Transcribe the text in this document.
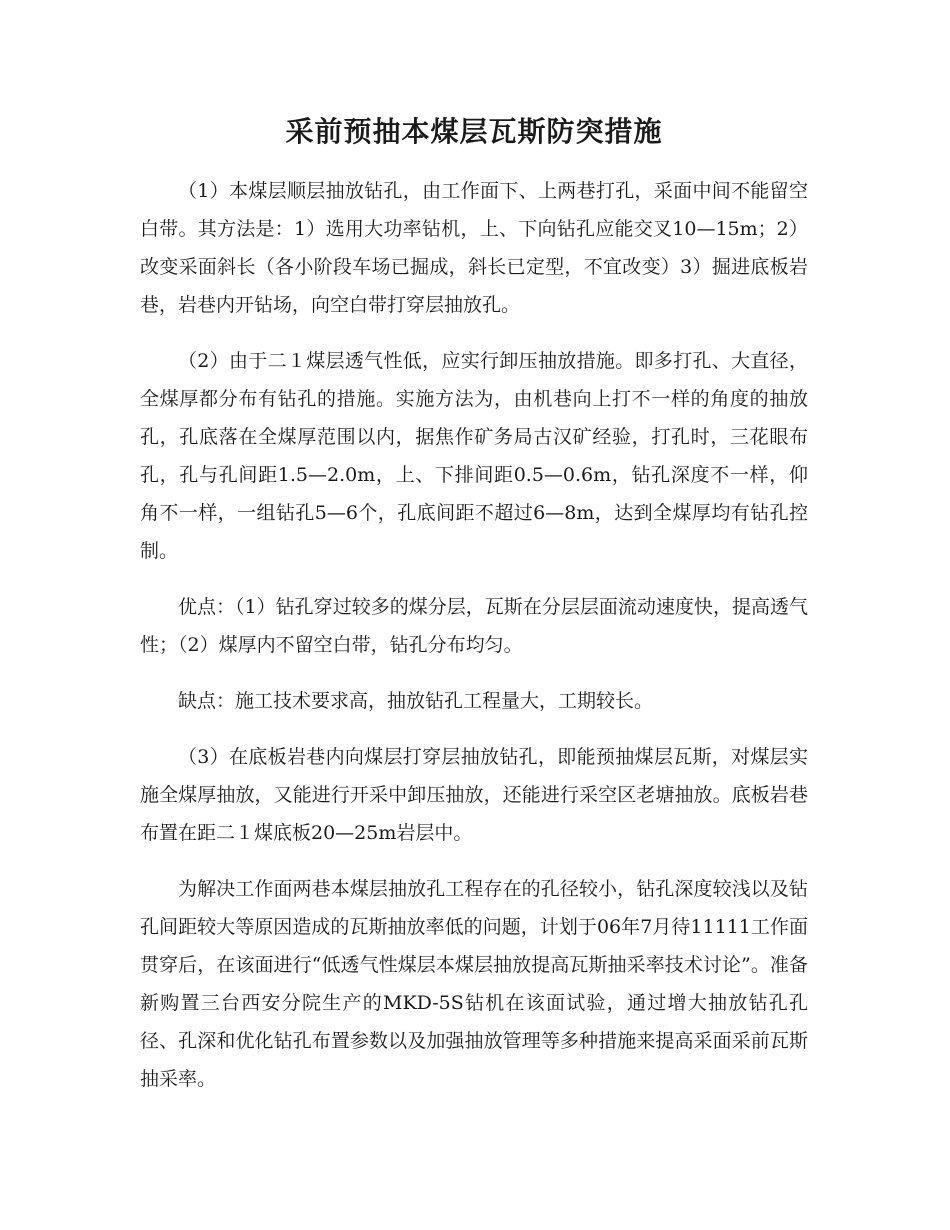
采前预抽本煤层瓦斯防突措施

（1）本煤层顺层抽放钻孔，由工作面下、上两巷打孔，采面中间不能留空白带。其方法是：1）选用大功率钻机，上、下向钻孔应能交叉10—15m；2）改变采面斜长（各小阶段车场已掘成，斜长已定型，不宜改变）3）掘进底板岩巷，岩巷内开钻场，向空白带打穿层抽放孔。

（2）由于二１煤层透气性低，应实行卸压抽放措施。即多打孔、大直径，全煤厚都分布有钻孔的措施。实施方法为，由机巷向上打不一样的角度的抽放孔，孔底落在全煤厚范围以内，据焦作矿务局古汉矿经验，打孔时，三花眼布孔，孔与孔间距1.5—2.0m，上、下排间距0.5—0.6m，钻孔深度不一样，仰角不一样，一组钻孔5—6个，孔底间距不超过6—8m，达到全煤厚均有钻孔控制。

优点：（1）钻孔穿过较多的煤分层，瓦斯在分层层面流动速度快，提高透气性；（2）煤厚内不留空白带，钻孔分布均匀。

缺点：施工技术要求高，抽放钻孔工程量大，工期较长。

（3）在底板岩巷内向煤层打穿层抽放钻孔，即能预抽煤层瓦斯，对煤层实施全煤厚抽放，又能进行开采中卸压抽放，还能进行采空区老塘抽放。底板岩巷布置在距二１煤底板20—25m岩层中。

为解决工作面两巷本煤层抽放孔工程存在的孔径较小，钻孔深度较浅以及钻孔间距较大等原因造成的瓦斯抽放率低的问题，计划于06年7月待11111工作面贯穿后，在该面进行“低透气性煤层本煤层抽放提高瓦斯抽采率技术讨论”。准备新购置三台西安分院生产的MKD-5S钻机在该面试验，通过增大抽放钻孔孔径、孔深和优化钻孔布置参数以及加强抽放管理等多种措施来提高采面采前瓦斯抽采率。
